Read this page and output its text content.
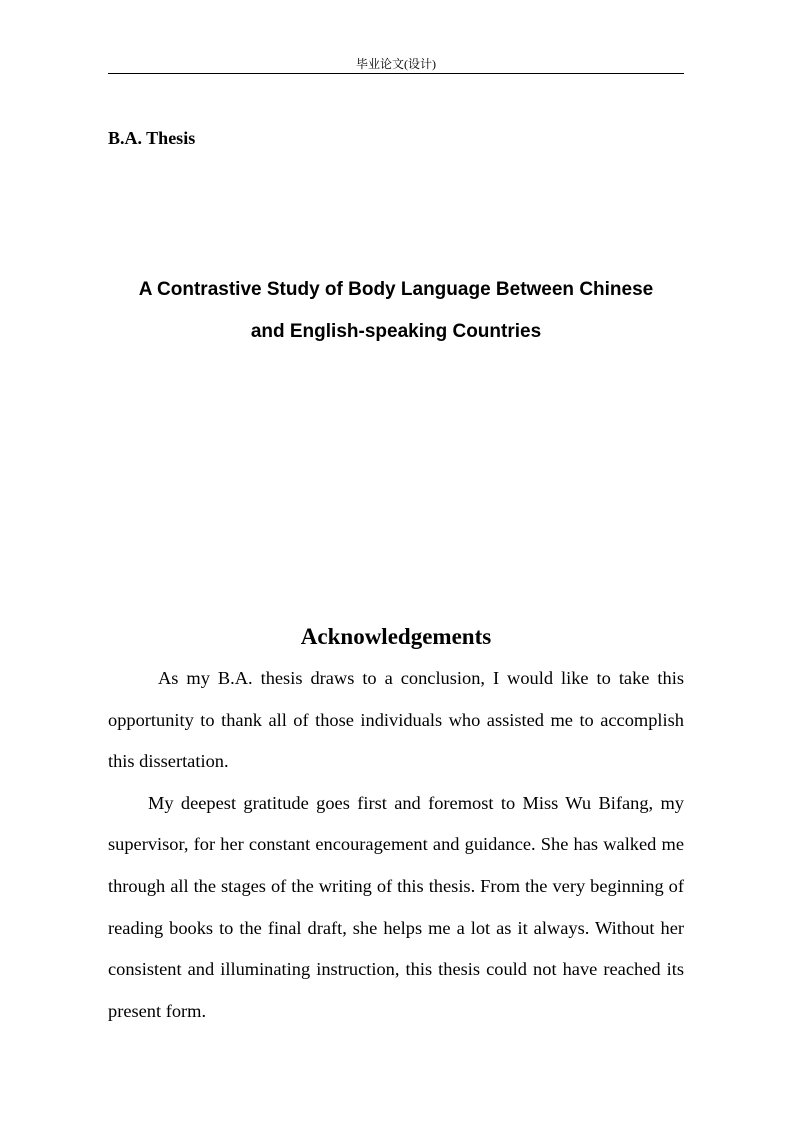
毕业论文(设计)
B.A. Thesis
A Contrastive Study of Body Language Between Chinese
and English-speaking Countries
Acknowledgements

As my B.A. thesis draws to a conclusion, I would like to take this opportunity to thank all of those individuals who assisted me to accomplish this dissertation.

My deepest gratitude goes first and foremost to Miss Wu Bifang, my supervisor, for her constant encouragement and guidance. She has walked me through all the stages of the writing of this thesis. From the very beginning of reading books to the final draft, she helps me a lot as it always. Without her consistent and illuminating instruction, this thesis could not have reached its present form.
